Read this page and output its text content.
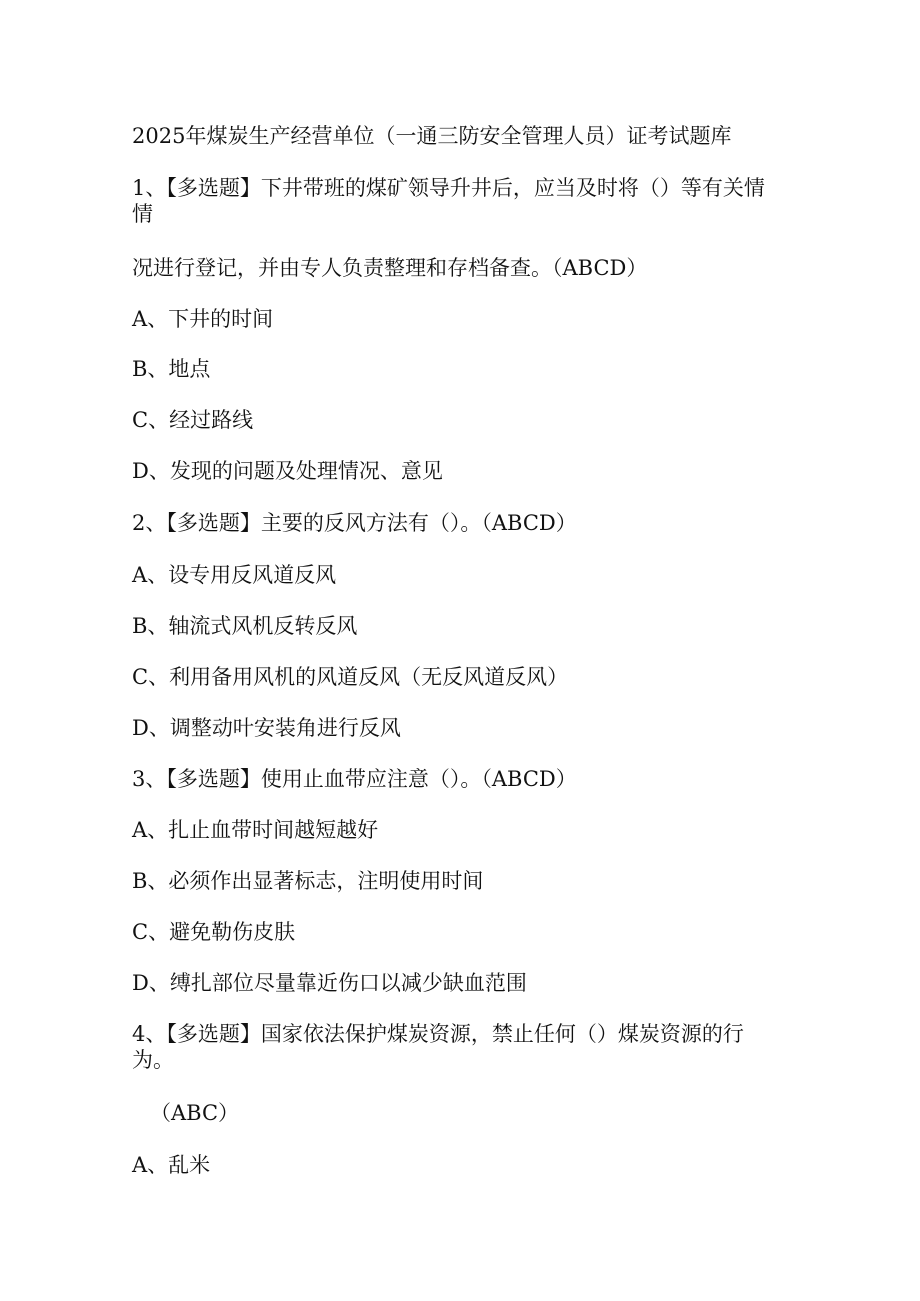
2025年煤炭生产经营单位（一通三防安全管理人员）证考试题库
1、【多选题】下井带班的煤矿领导升井后，应当及时将（）等有关情
情
况进行登记，并由专人负责整理和存档备查。（ABCD）
A、下井的时间
B、地点
C、经过路线
D、发现的问题及处理情况、意见
2、【多选题】主要的反风方法有（）。（ABCD）
A、设专用反风道反风
B、轴流式风机反转反风
C、利用备用风机的风道反风（无反风道反风）
D、调整动叶安装角进行反风
3、【多选题】使用止血带应注意（）。（ABCD）
A、扎止血带时间越短越好
B、必须作出显著标志，注明使用时间
C、避免勒伤皮肤
D、缚扎部位尽量靠近伤口以减少缺血范围
4、【多选题】国家依法保护煤炭资源，禁止任何（）煤炭资源的行
为。
（ABC）
A、乱米
